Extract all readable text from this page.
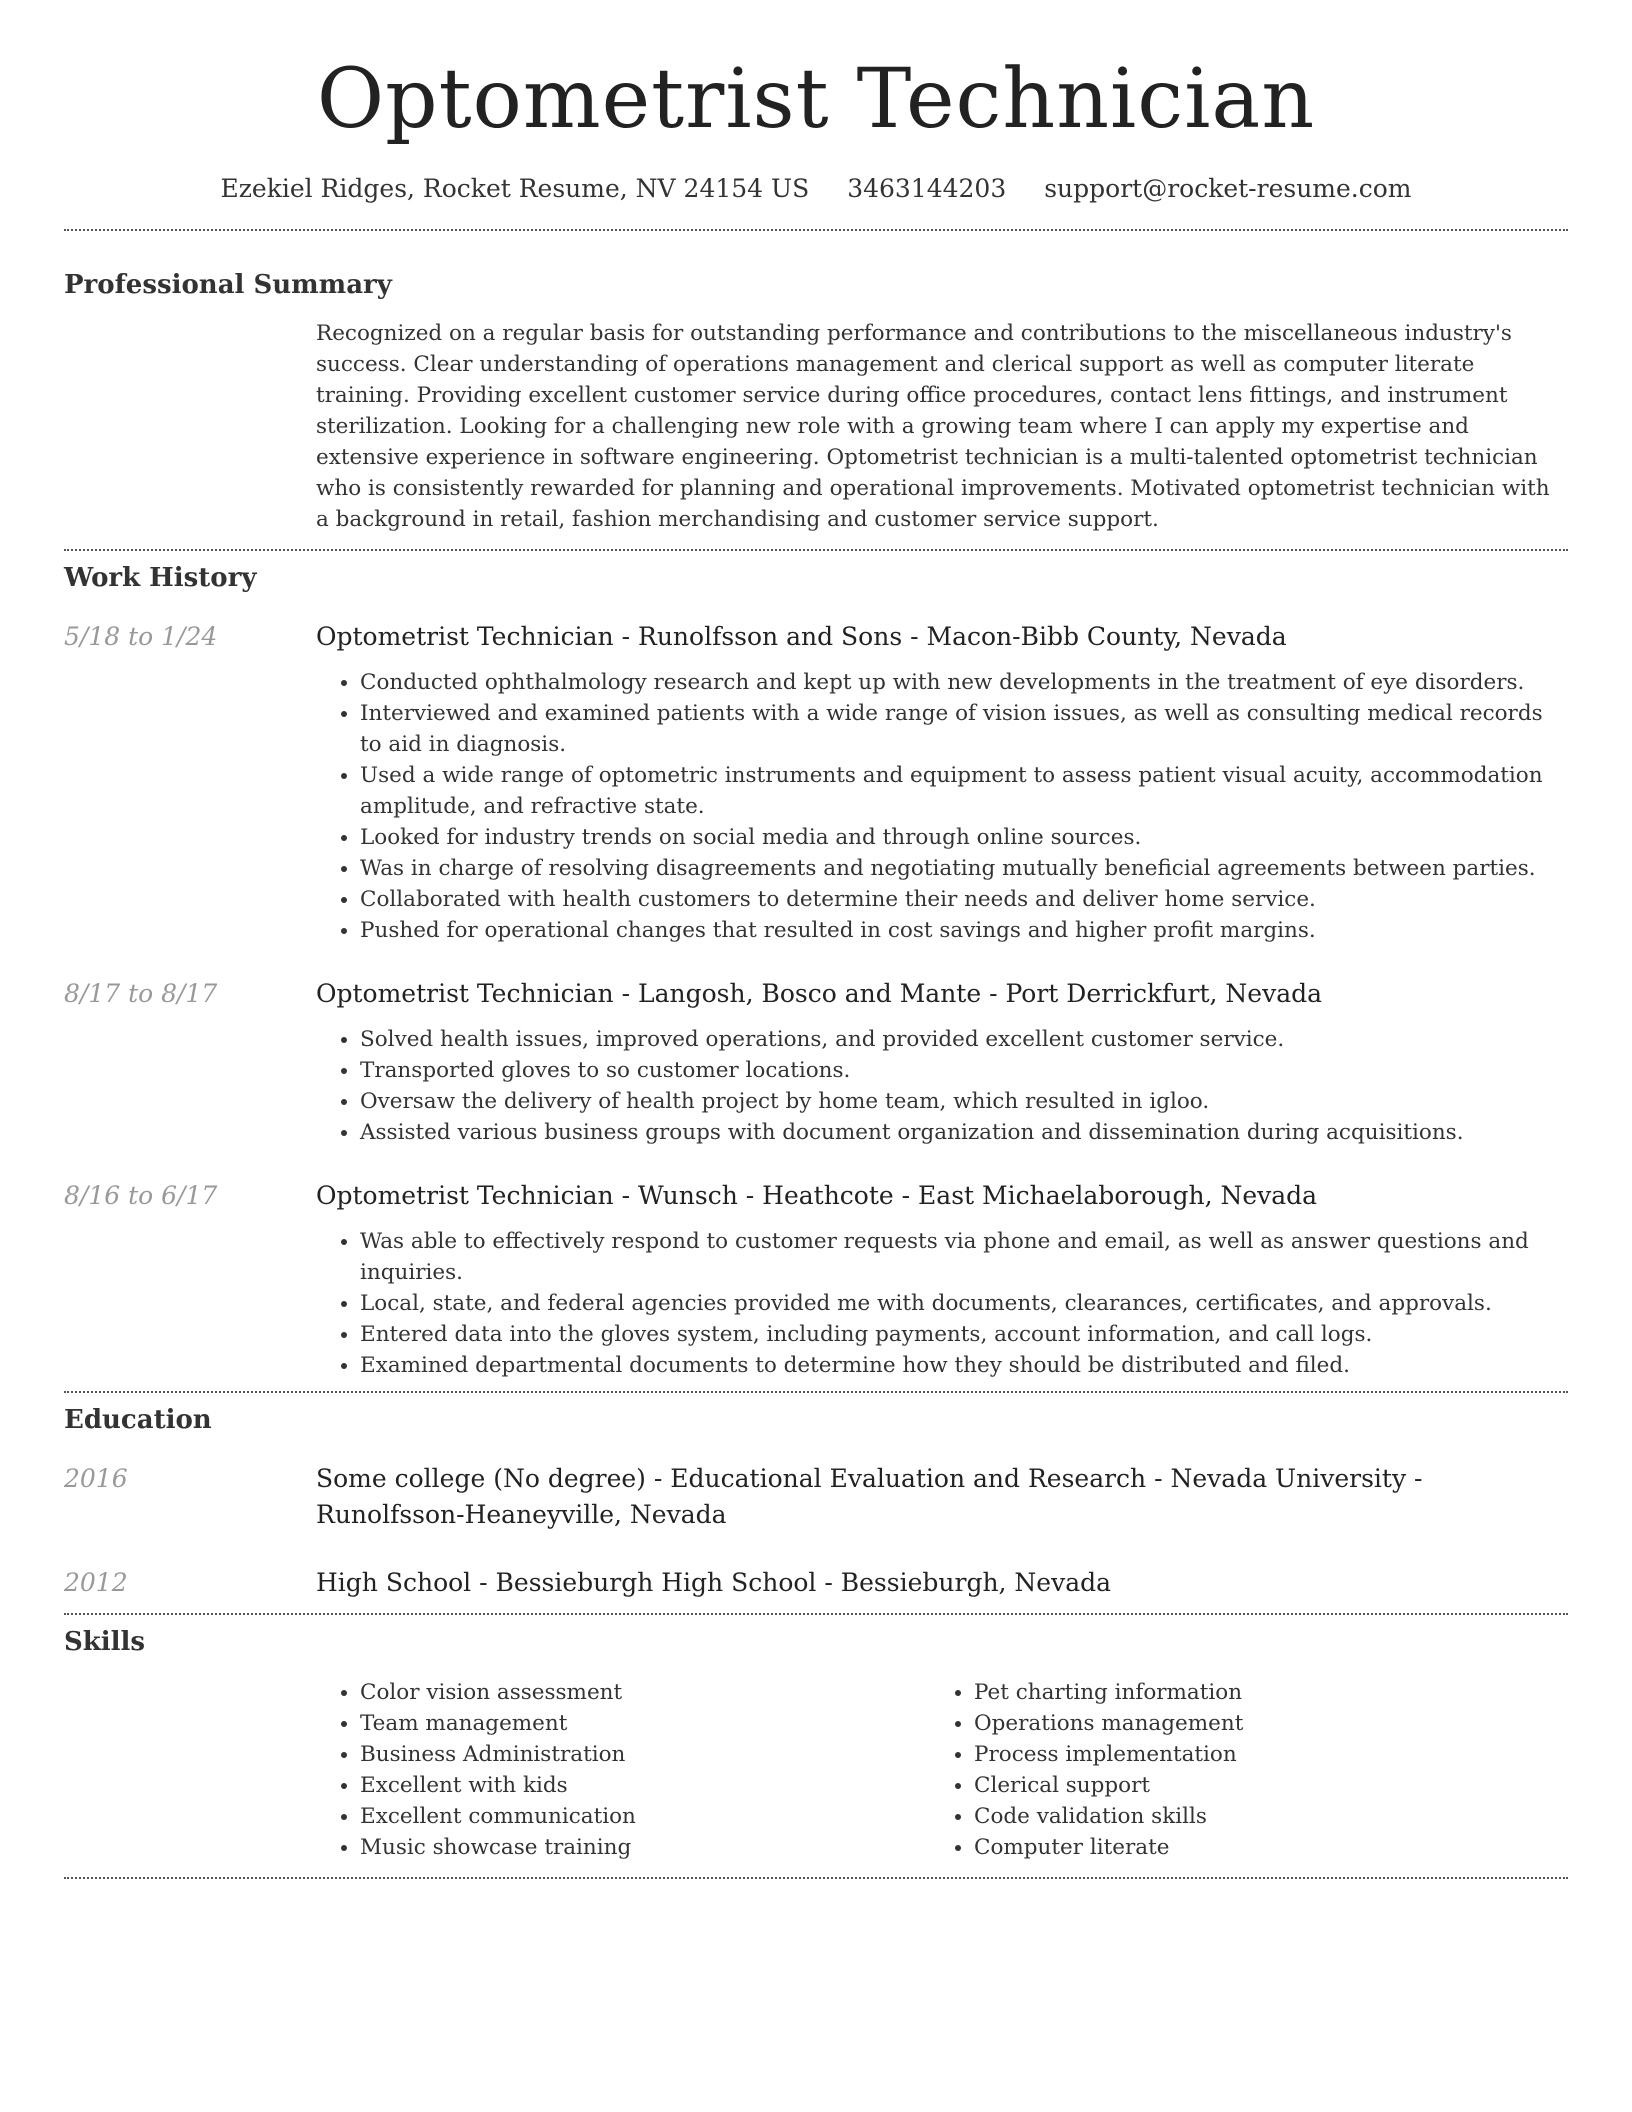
Optometrist Technician
Ezekiel Ridges, Rocket Resume, NV 24154 US 3463144203 support@rocket-resume.com
Professional Summary
Recognized on a regular basis for outstanding performance and contributions to the miscellaneous industry's success. Clear understanding of operations management and clerical support as well as computer literate training. Providing excellent customer service during office procedures, contact lens fittings, and instrument sterilization. Looking for a challenging new role with a growing team where I can apply my expertise and extensive experience in software engineering. Optometrist technician is a multi-talented optometrist technician who is consistently rewarded for planning and operational improvements. Motivated optometrist technician with a background in retail, fashion merchandising and customer service support.
Work History
5/18 to 1/24	Optometrist Technician - Runolfsson and Sons - Macon-Bibb County, Nevada
• Conducted ophthalmology research and kept up with new developments in the treatment of eye disorders.
• Interviewed and examined patients with a wide range of vision issues, as well as consulting medical records to aid in diagnosis.
• Used a wide range of optometric instruments and equipment to assess patient visual acuity, accommodation amplitude, and refractive state.
• Looked for industry trends on social media and through online sources.
• Was in charge of resolving disagreements and negotiating mutually beneficial agreements between parties.
• Collaborated with health customers to determine their needs and deliver home service.
• Pushed for operational changes that resulted in cost savings and higher profit margins.
8/17 to 8/17	Optometrist Technician - Langosh, Bosco and Mante - Port Derrickfurt, Nevada
• Solved health issues, improved operations, and provided excellent customer service.
• Transported gloves to so customer locations.
• Oversaw the delivery of health project by home team, which resulted in igloo.
• Assisted various business groups with document organization and dissemination during acquisitions.
8/16 to 6/17	Optometrist Technician - Wunsch - Heathcote - East Michaelaborough, Nevada
• Was able to effectively respond to customer requests via phone and email, as well as answer questions and inquiries.
• Local, state, and federal agencies provided me with documents, clearances, certificates, and approvals.
• Entered data into the gloves system, including payments, account information, and call logs.
• Examined departmental documents to determine how they should be distributed and filed.
Education
2016	Some college (No degree) - Educational Evaluation and Research - Nevada University - Runolfsson-Heaneyville, Nevada
2012	High School - Bessieburgh High School - Bessieburgh, Nevada
Skills
• Color vision assessment
• Team management
• Business Administration
• Excellent with kids
• Excellent communication
• Music showcase training
• Pet charting information
• Operations management
• Process implementation
• Clerical support
• Code validation skills
• Computer literate
